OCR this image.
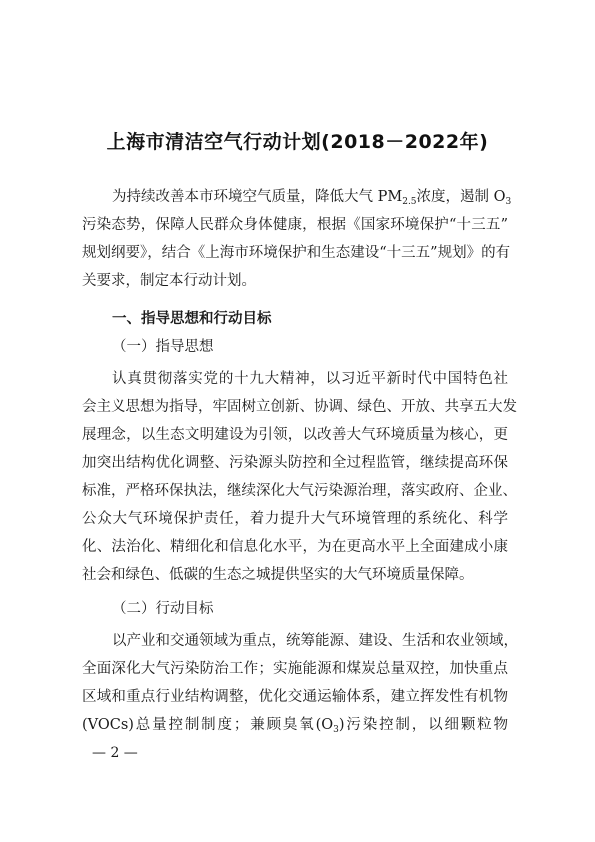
上海市清洁空气行动计划(2018－2022年)
为持续改善本市环境空气质量，降低大气 $PM_{2.5}$浓度，遏制 $O_3$
污染态势，保障人民群众身体健康，根据《国家环境保护“十三五”
规划纲要》，结合《上海市环境保护和生态建设“十三五”规划》的有
关要求，制定本行动计划。
一、指导思想和行动目标
（一）指导思想
认真贯彻落实党的十九大精神，以习近平新时代中国特色社
会主义思想为指导，牢固树立创新、协调、绿色、开放、共享五大发
展理念，以生态文明建设为引领，以改善大气环境质量为核心，更
加突出结构优化调整、污染源头防控和全过程监管，继续提高环保
标准，严格环保执法，继续深化大气污染源治理，落实政府、企业、
公众大气环境保护责任，着力提升大气环境管理的系统化、科学
化、法治化、精细化和信息化水平，为在更高水平上全面建成小康
社会和绿色、低碳的生态之城提供坚实的大气环境质量保障。
（二）行动目标
以产业和交通领域为重点，统筹能源、建设、生活和农业领域，
全面深化大气污染防治工作；实施能源和煤炭总量双控，加快重点
区域和重点行业结构调整，优化交通运输体系，建立挥发性有机物
(VOCs)总量控制制度；兼顾臭氧$(O_3)$污染控制，以细颗粒物
— 2 —
